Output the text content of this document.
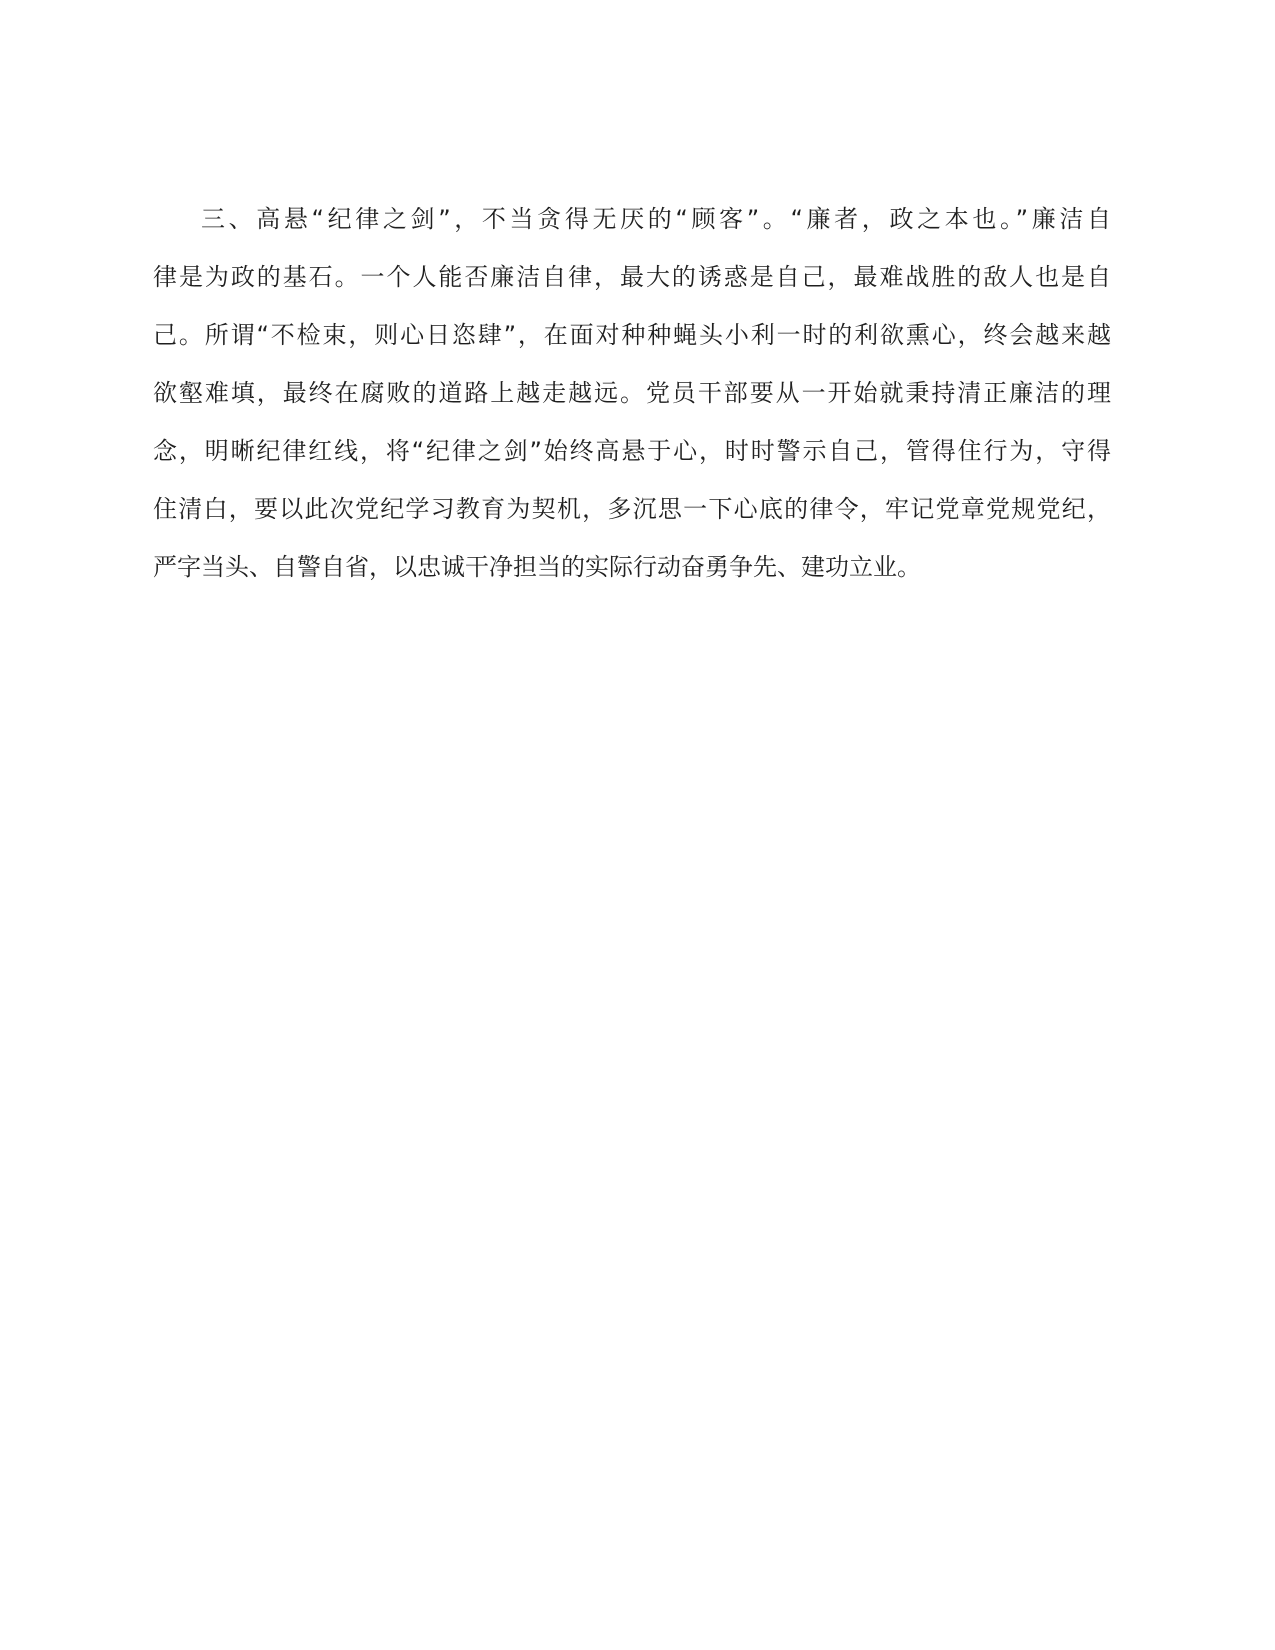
三、高悬“纪律之剑”，不当贪得无厌的“顾客”。“廉者，政之本也。”廉洁自
律是为政的基石。一个人能否廉洁自律，最大的诱惑是自己，最难战胜的敌人也是自
己。所谓“不检束，则心日恣肆”，在面对种种蝇头小利一时的利欲熏心，终会越来越
欲壑难填，最终在腐败的道路上越走越远。党员干部要从一开始就秉持清正廉洁的理
念，明晰纪律红线，将“纪律之剑”始终高悬于心，时时警示自己，管得住行为，守得
住清白，要以此次党纪学习教育为契机，多沉思一下心底的律令，牢记党章党规党纪，
严字当头、自警自省，以忠诚干净担当的实际行动奋勇争先、建功立业。
